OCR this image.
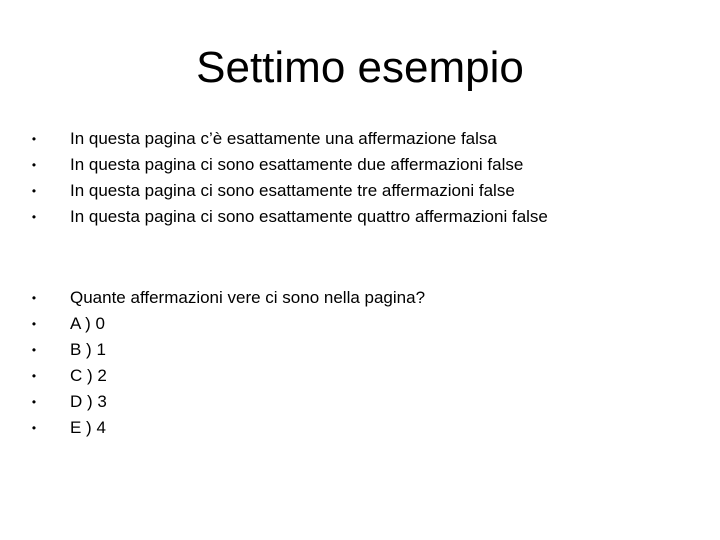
Settimo esempio
• In questa pagina c’è esattamente una affermazione falsa
• In questa pagina ci sono esattamente due affermazioni false
• In questa pagina ci sono esattamente tre affermazioni false
• In questa pagina ci sono esattamente quattro affermazioni false
• Quante affermazioni vere ci sono nella pagina?
• A ) 0
• B ) 1
• C ) 2
• D ) 3
• E ) 4
